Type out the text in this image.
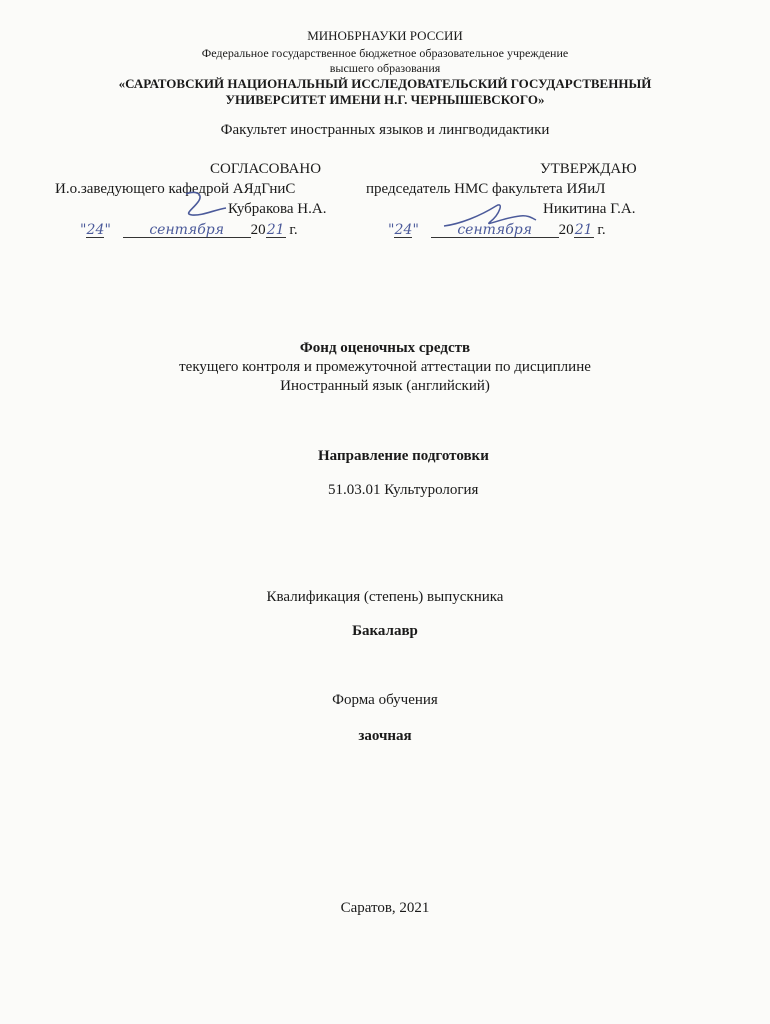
МИНОБРНАУКИ РОССИИ
Федеральное государственное бюджетное образовательное учреждение
высшего образования
«САРАТОВСКИЙ НАЦИОНАЛЬНЫЙ ИССЛЕДОВАТЕЛЬСКИЙ ГОСУДАРСТВЕННЫЙ
УНИВЕРСИТЕТ ИМЕНИ Н.Г. ЧЕРНЫШЕВСКОГО»
Факультет иностранных языков и лингводидактики
СОГЛАСОВАНО
И.о.заведующего кафедрой АЯдГниС
Кубракова Н.А.
"24"	сентября 2021 г.
УТВЕРЖДАЮ
председатель НМС факультета ИЯиЛ
Никитина Г.А.
"24"	сентября 2021 г.
Фонд оценочных средств
текущего контроля и промежуточной аттестации по дисциплине
Иностранный язык (английский)
Направление подготовки
51.03.01 Культурология
Квалификация (степень) выпускника
Бакалавр
Форма обучения
заочная
Саратов, 2021
